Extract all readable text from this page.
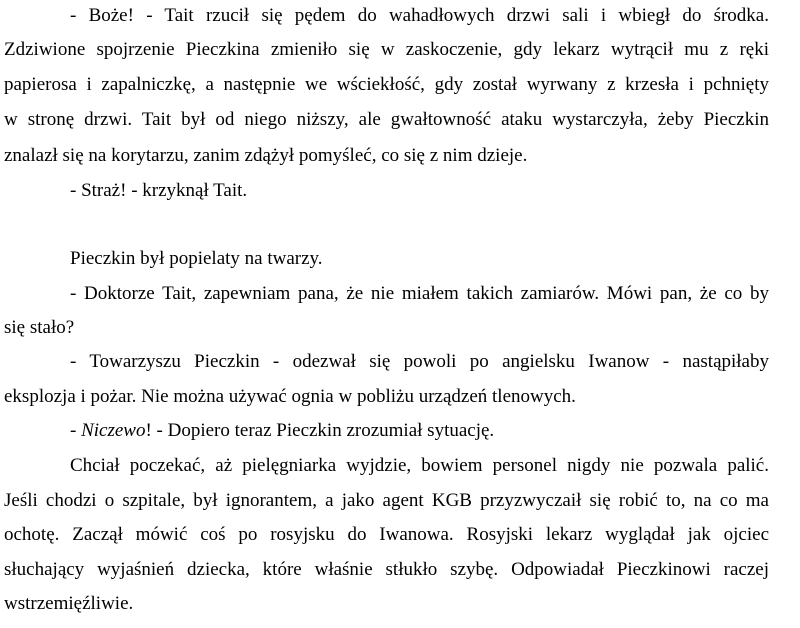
- Boże! - Tait rzucił się pędem do wahadłowych drzwi sali i wbiegł do środka.
Zdziwione spojrzenie Pieczkina zmieniło się w zaskoczenie, gdy lekarz wytrącił mu z ręki
papierosa i zapalniczkę, a następnie we wściekłość, gdy został wyrwany z krzesła i pchnięty
w stronę drzwi. Tait był od niego niższy, ale gwałtowność ataku wystarczyła, żeby Pieczkin
znalazł się na korytarzu, zanim zdążył pomyśleć, co się z nim dzieje.
- Straż! - krzyknął Tait.
Pieczkin był popielaty na twarzy.
- Doktorze Tait, zapewniam pana, że nie miałem takich zamiarów. Mówi pan, że co by
się stało?
- Towarzyszu Pieczkin - odezwał się powoli po angielsku Iwanow - nastąpiłaby
eksplozja i pożar. Nie można używać ognia w pobliżu urządzeń tlenowych.
- Niczewo! - Dopiero teraz Pieczkin zrozumiał sytuację.
Chciał poczekać, aż pielęgniarka wyjdzie, bowiem personel nigdy nie pozwala palić.
Jeśli chodzi o szpitale, był ignorantem, a jako agent KGB przyzwyczaił się robić to, na co ma
ochotę. Zaczął mówić coś po rosyjsku do Iwanowa. Rosyjski lekarz wyglądał jak ojciec
słuchający wyjaśnień dziecka, które właśnie stłukło szybę. Odpowiadał Pieczkinowi raczej
wstrzemięźliwie.
